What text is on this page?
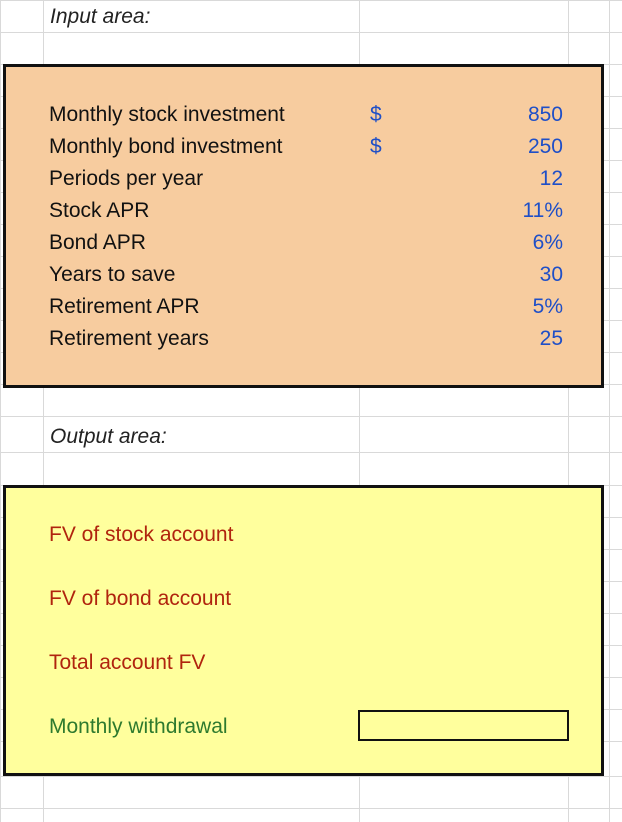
Input area:
Monthly stock investment	$	850
Monthly bond investment	$	250
Periods per year	12
Stock APR	11%
Bond APR	6%
Years to save	30
Retirement APR	5%
Retirement years	25
Output area:
FV of stock account
FV of bond account
Total account FV
Monthly withdrawal
